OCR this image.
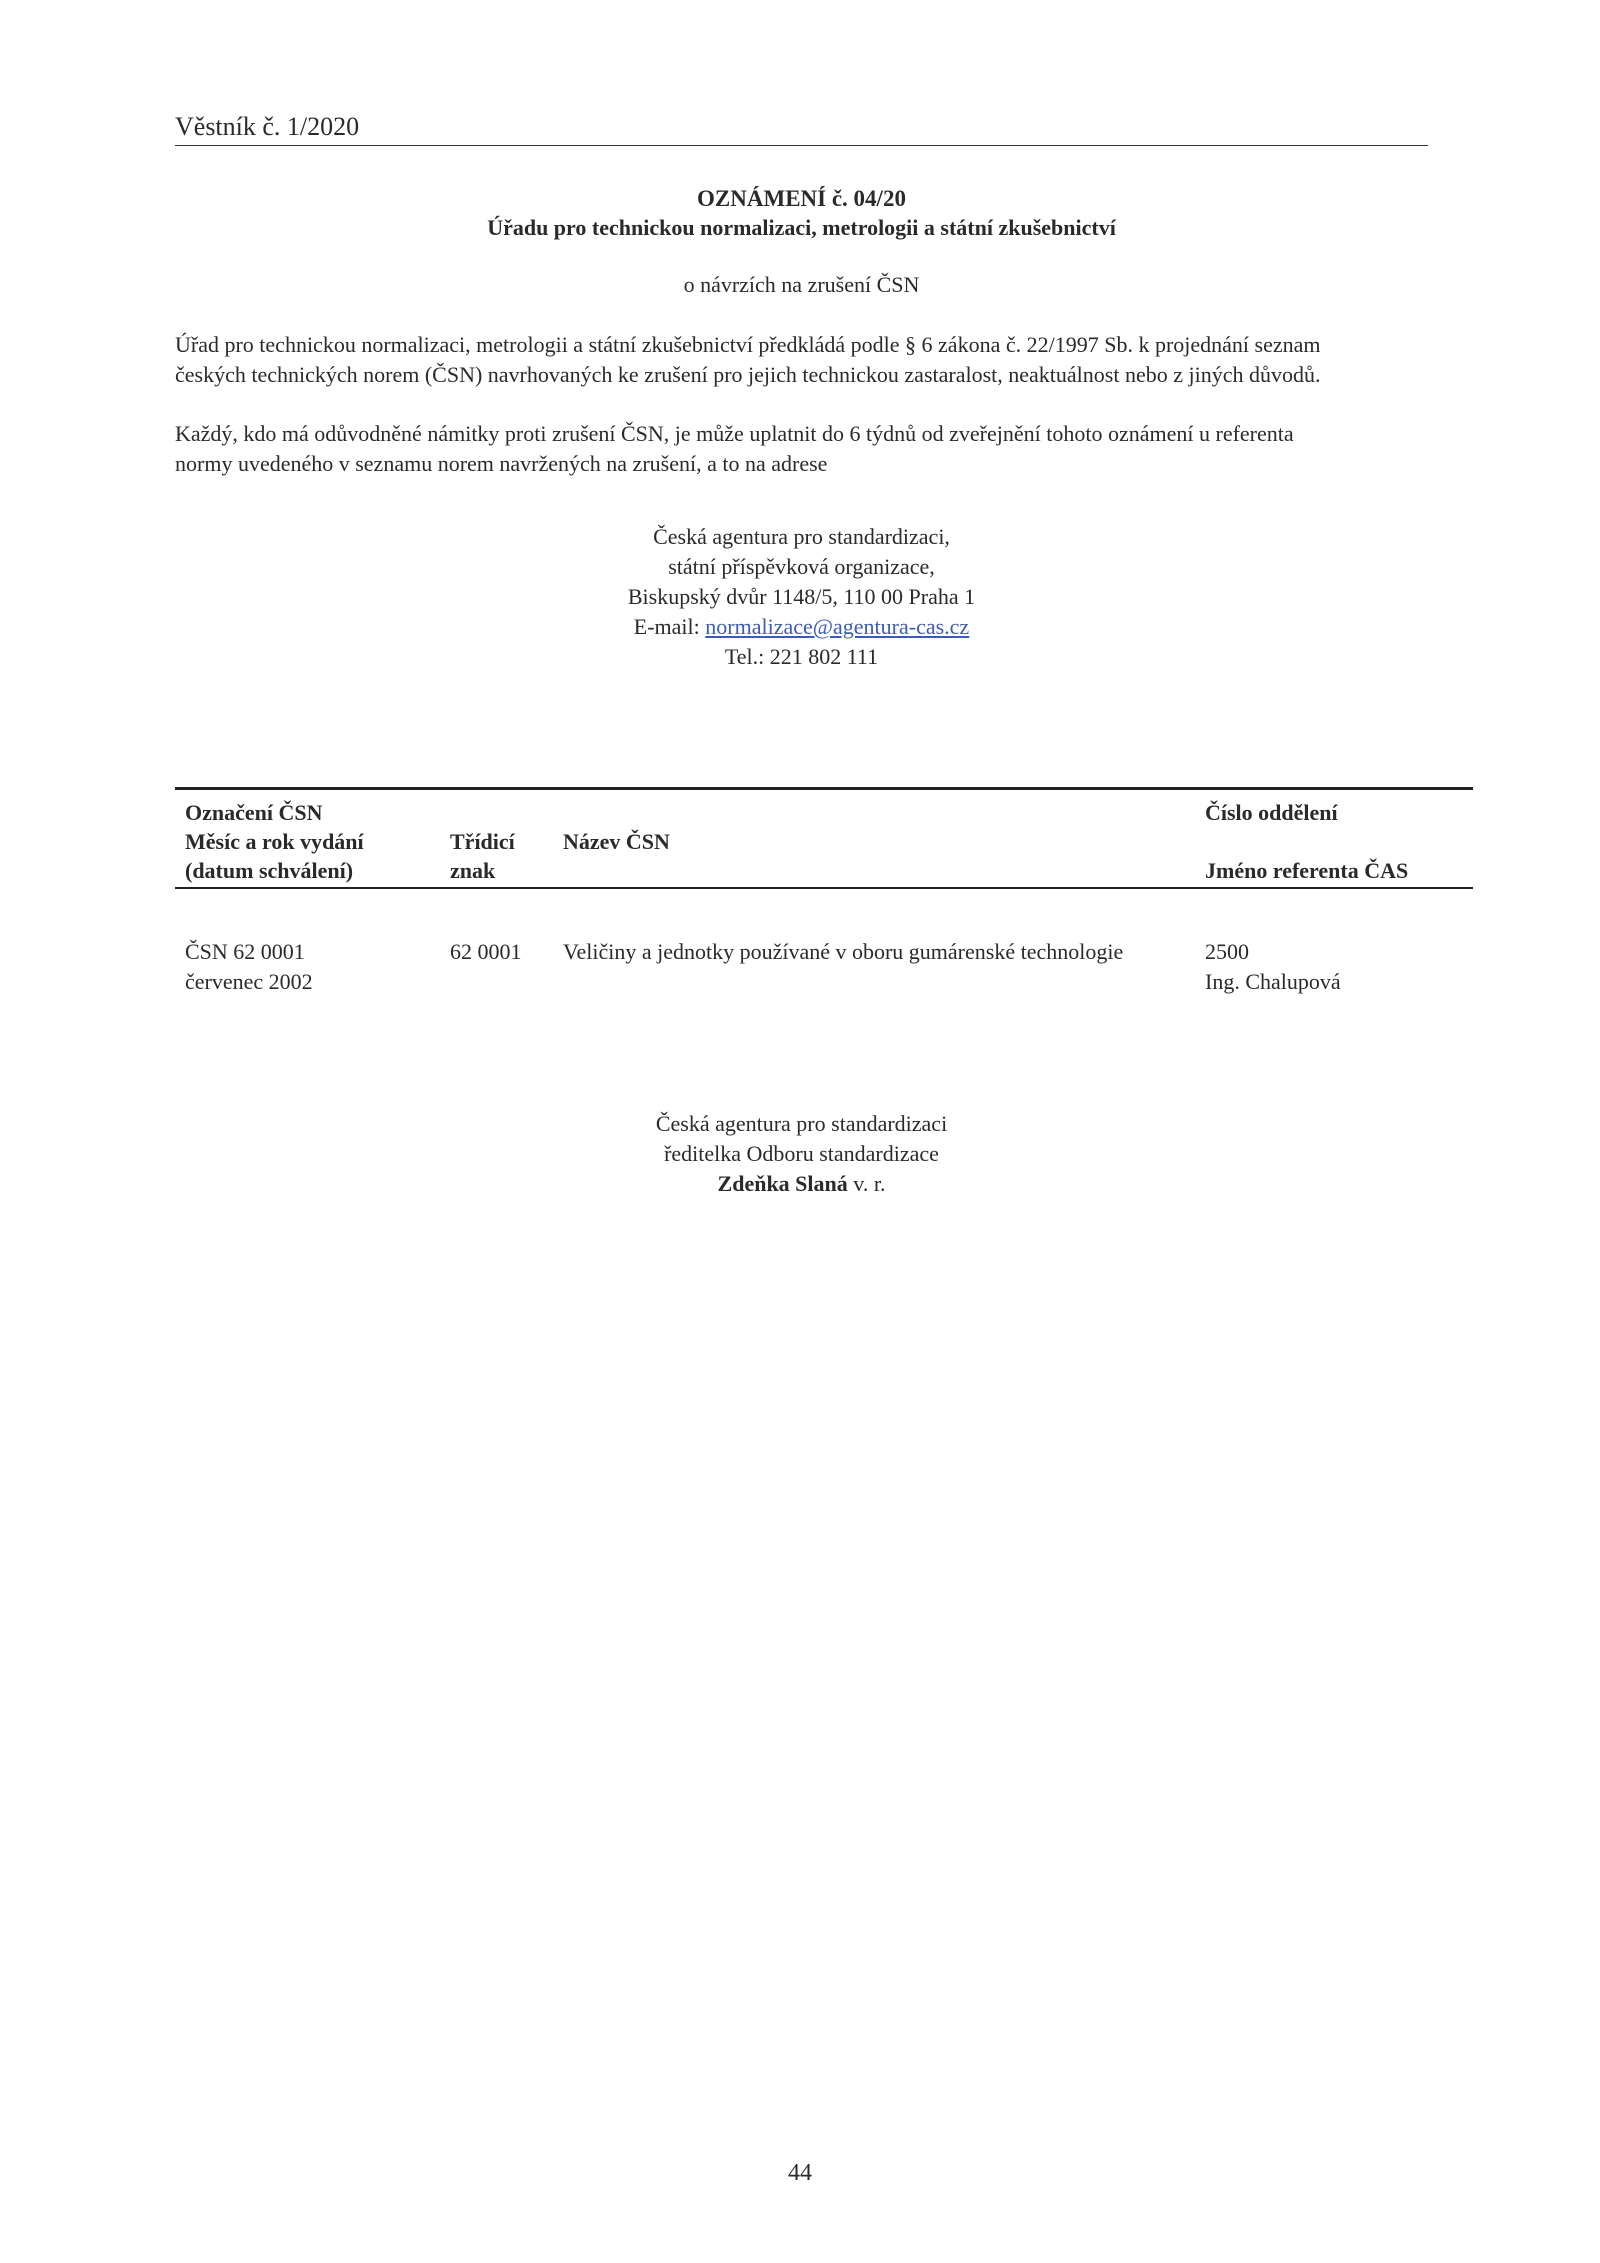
Věstník č. 1/2020
OZNÁMENÍ č. 04/20
Úřadu pro technickou normalizaci, metrologii a státní zkušebnictví
o návrzích na zrušení ČSN
Úřad pro technickou normalizaci, metrologii a státní zkušebnictví předkládá podle § 6 zákona č. 22/1997 Sb. k projednání seznam
českých technických norem (ČSN) navrhovaných ke zrušení pro jejich technickou zastaralost, neaktuálnost nebo z jiných důvodů.
Každý, kdo má odůvodněné námitky proti zrušení ČSN, je může uplatnit do 6 týdnů od zveřejnění tohoto oznámení u referenta
normy uvedeného v seznamu norem navržených na zrušení, a to na adrese
Česká agentura pro standardizaci,
státní příspěvková organizace,
Biskupský dvůr 1148/5, 110 00 Praha 1
E-mail: normalizace@agentura-cas.cz
Tel.: 221 802 111
Označení ČSN
Měsíc a rok vydání
(datum schválení)
Třídicí
znak
Název ČSN
Číslo oddělení
Jméno referenta ČAS
ČSN 62 0001
červenec 2002
62 0001 Veličiny a jednotky používané v oboru gumárenské technologie	2500
Ing. Chalupová
Česká agentura pro standardizaci
ředitelka Odboru standardizace
Zdeňka Slaná v. r.
44
